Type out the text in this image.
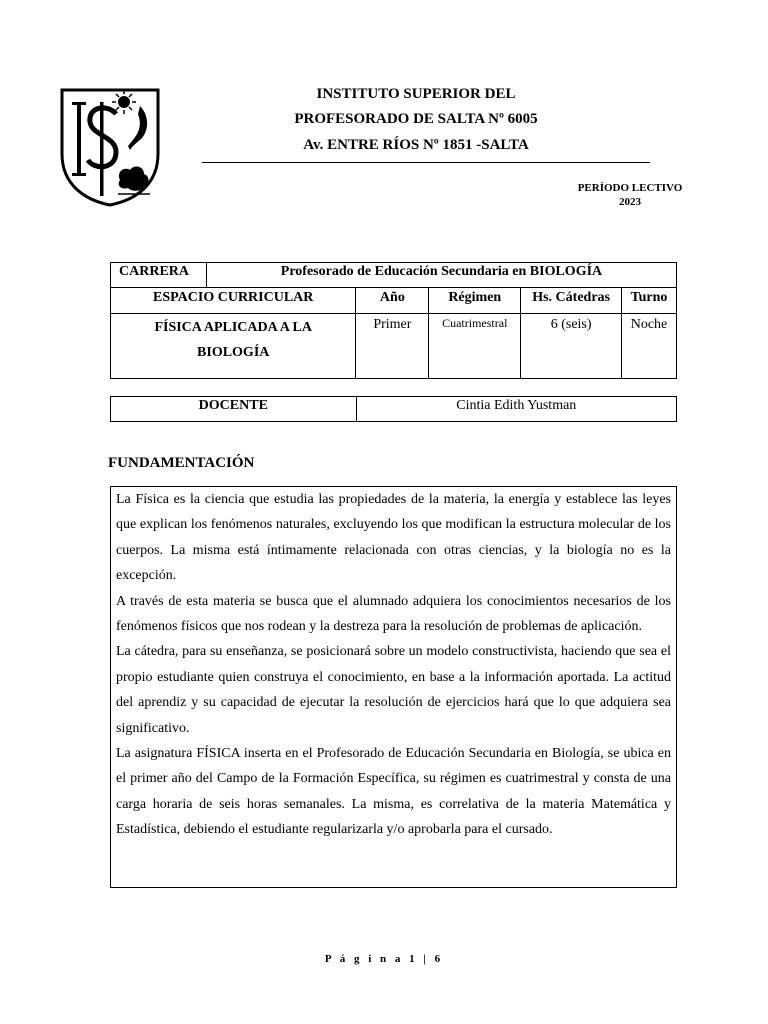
INSTITUTO SUPERIOR DEL
PROFESORADO DE SALTA Nº 6005
Av. ENTRE RÍOS Nº 1851 -SALTA
PERÍODO LECTIVO
2023
CARRERA	Profesorado de Educación Secundaria en BIOLOGÍA				
ESPACIO CURRICULAR		Año	Régimen	Hs. Cátedras	Turno

FÍSICA APLICADA A LA
BIOLOGÍA		Primer	Cuatrimestral	6 (seis)	Noche
DOCENTE	Cintia Edith Yustman
FUNDAMENTACIÓN

La Física es la ciencia que estudia las propiedades de la materia, la energía y establece las leyes que explican los fenómenos naturales, excluyendo los que modifican la estructura molecular de los cuerpos. La misma está íntimamente relacionada con otras ciencias, y la biología no es la excepción.

A través de esta materia se busca que el alumnado adquiera los conocimientos necesarios de los fenómenos físicos que nos rodean y la destreza para la resolución de problemas de aplicación.

La cátedra, para su enseñanza, se posicionará sobre un modelo constructivista, haciendo que sea el propio estudiante quien construya el conocimiento, en base a la información aportada. La actitud del aprendiz y su capacidad de ejecutar la resolución de ejercicios hará que lo que adquiera sea significativo.

La asignatura FÍSICA inserta en el Profesorado de Educación Secundaria en Biología, se ubica en el primer año del Campo de la Formación Específica, su régimen es cuatrimestral y consta de una carga horaria de seis horas semanales. La misma, es correlativa de la materia Matemática y Estadística, debiendo el estudiante regularizarla y/o aprobarla para el cursado.

P á g i n a 1 | 6
